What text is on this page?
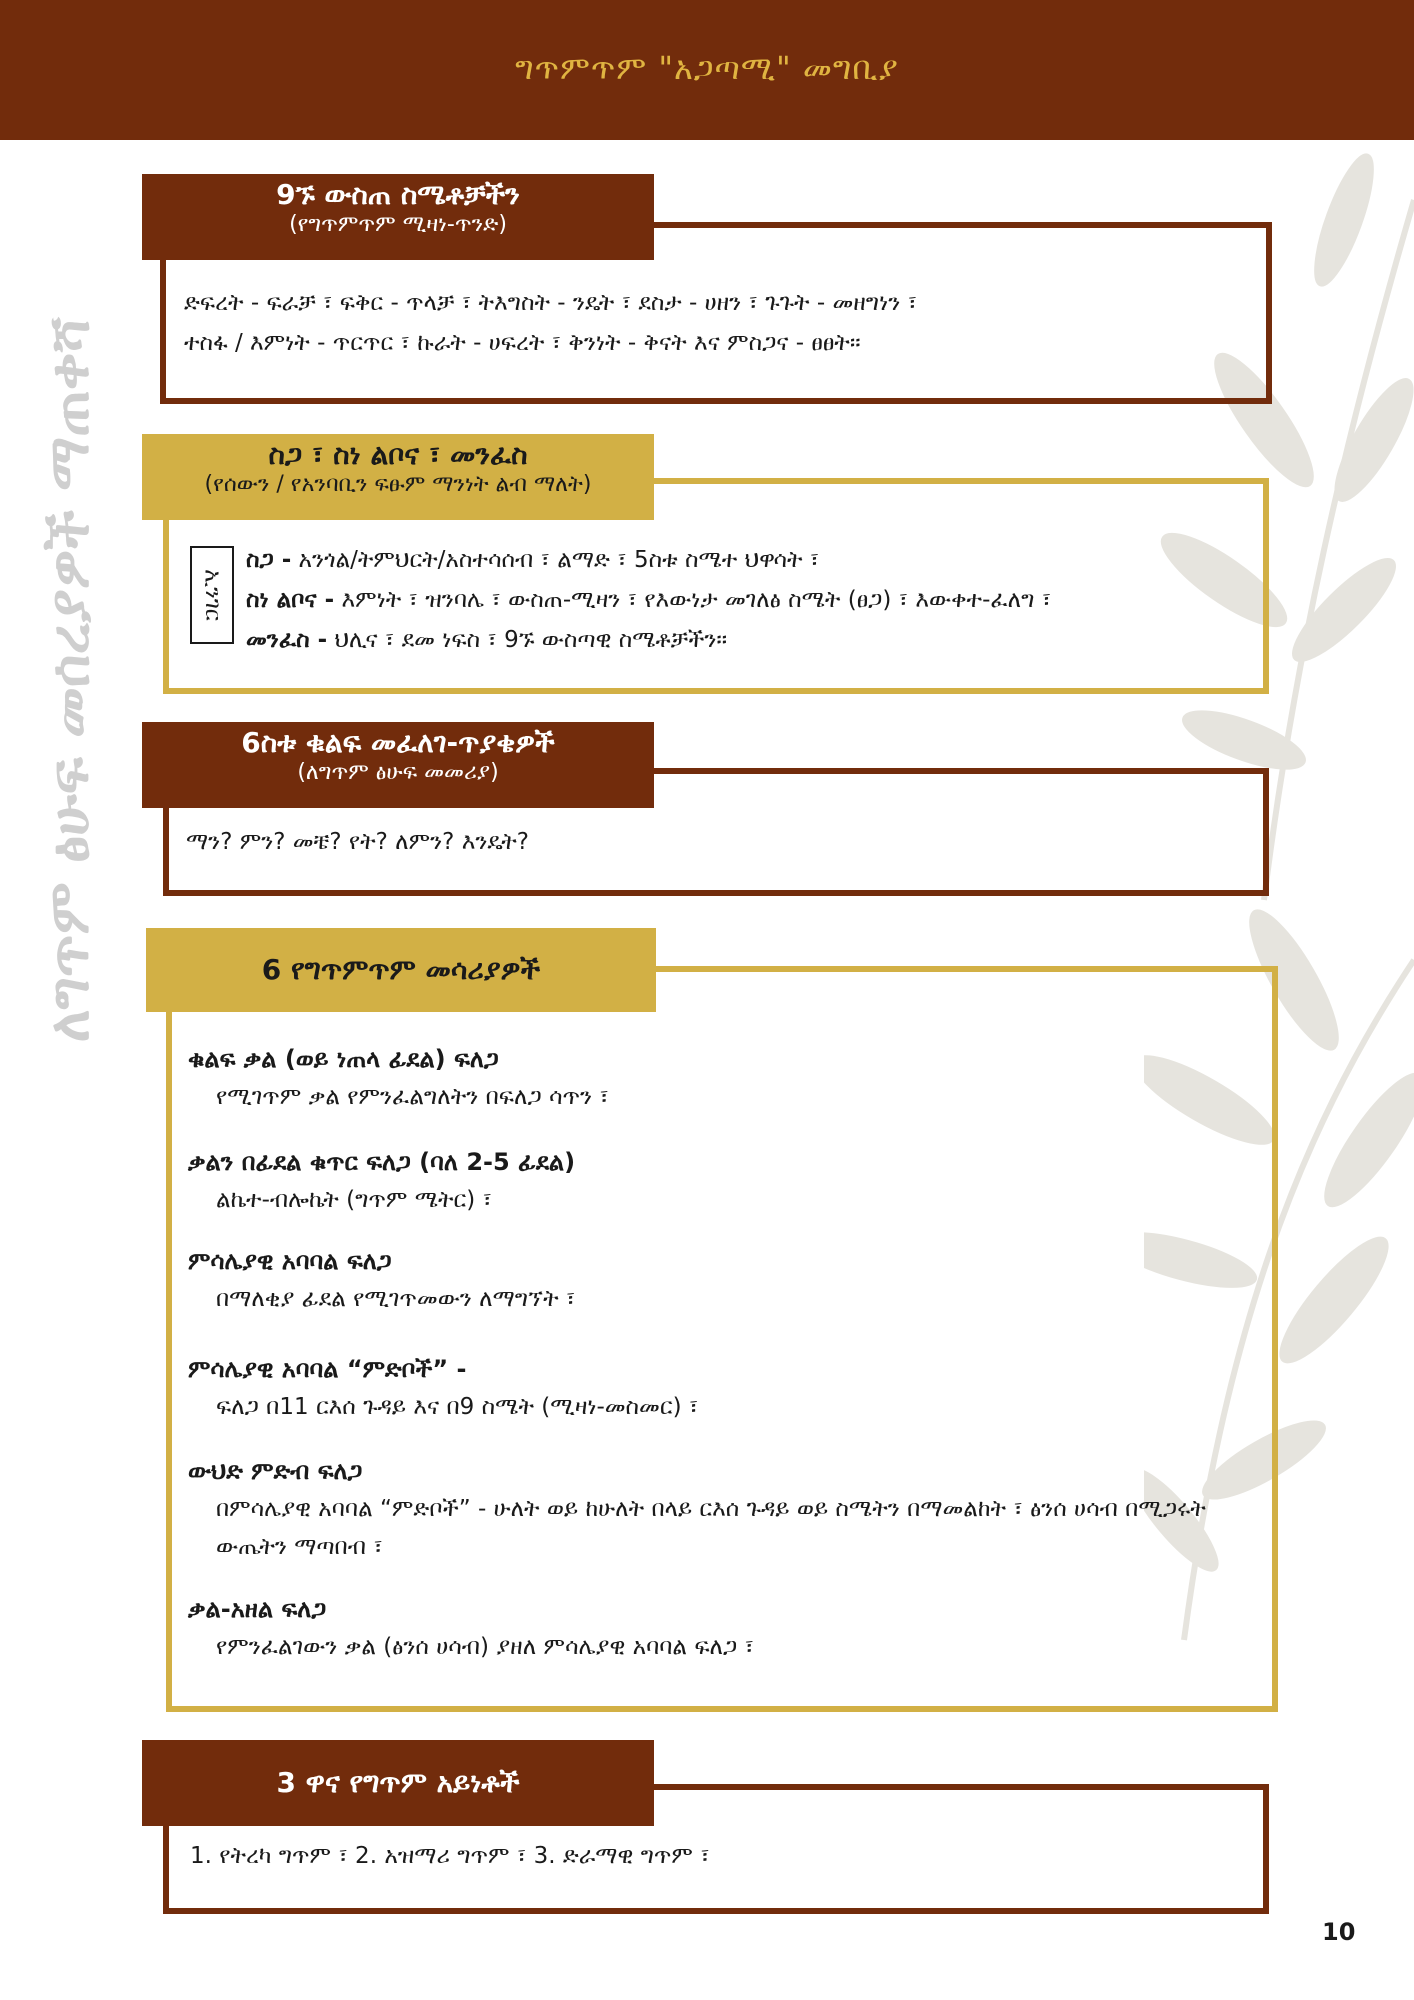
ግጥምጥም "አጋጣሚ" መግቢያ
ለግጥም ፅሁፍ መሰረያዎች ማጠቀሻ
9ኙ ውስጠ ስሜቶቻችን
(የግጥምጥም ሚዛነ-ጥንድ)
ድፍረት - ፍራቻ ፣ ፍቅር - ጥላቻ ፣ ትእግስት - ንዴት ፣ ደስታ - ሀዘን ፣ ጉጉት - መዘግነን ፣
ተስፋ / እምነት - ጥርጥር ፣ ኩራት - ሀፍረት ፣ ቅንነት - ቅናት እና ምስጋና - ፀፀት።
ስጋ ፣ ስነ ልቦና ፣ መንፈስ
(የሰውን / የአንባቢን ፍፁም ማንነት ልብ ማለት)
ኢንገር
ስጋ - አንጎል/ትምህርት/አስተሳሰብ ፣ ልማድ ፣ 5ስቱ ስሜተ ህዋሳት ፣
ስነ ልቦና - እምነት ፣ ዝንባሌ ፣ ውስጠ-ሚዛን ፣ የእውነታ መገለፅ ስሜት (ፀጋ) ፣ እውቀተ-ፈለግ ፣
መንፈስ - ህሊና ፣ ደመ ነፍስ ፣ 9ኙ ውስጣዊ ስሜቶቻችን።
6ስቱ ቁልፍ መፈለገ-ጥያቄዎች
(ለግጥም ፅሁፍ መመሪያ)
ማን? ምን? መቼ? የት? ለምን? እንዴት?
6 የግጥምጥም መሳሪያዎች
ቁልፍ ቃል (ወይ ነጠላ ፊደል) ፍለጋ
የሚገጥም ቃል የምንፈልግለትን በፍለጋ ሳጥን ፣
ቃልን በፊደል ቁጥር ፍለጋ (ባለ 2-5 ፊደል)
ልኬተ-ብሎኬት (ግጥም ሜትር) ፣
ምሳሌያዊ አባባል ፍለጋ
በማለቂያ ፊደል የሚገጥመውን ለማግኘት ፣
ምሳሌያዊ አባባል “ምድቦች” -
ፍለጋ በ11 ርእሰ ጉዳይ እና በ9 ስሜት (ሚዛነ-መስመር) ፣
ውህድ ምድብ ፍለጋ
በምሳሌያዊ አባባል “ምድቦች” - ሁለት ወይ ከሁለት በላይ ርእሰ ጉዳይ ወይ ስሜትን በማመልከት ፣ ፅንሰ ሀሳብ በሚጋሩት ውጤትን ማጣበብ ፣
ቃል-አዘል ፍለጋ
የምንፈልገውን ቃል (ፅንሰ ሀሳብ) ያዘለ ምሳሌያዊ አባባል ፍለጋ ፣
3 ዋና የግጥም አይነቶች
1. የትረካ ግጥም ፣ 2. አዝማሪ ግጥም ፣ 3. ድራማዊ ግጥም ፣
10
